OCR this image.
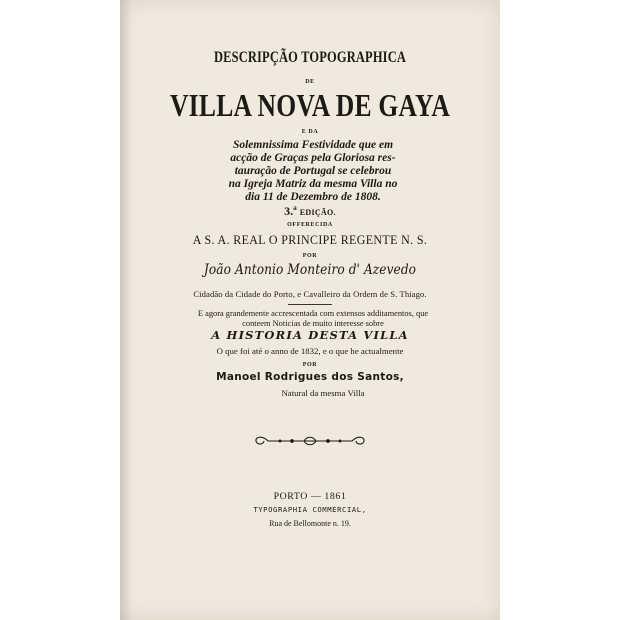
DESCRIPÇÃO TOPOGRAPHICA
DE
VILLA NOVA DE GAYA
E DA
Solemnissima Festividade que em
acção de Graças pela Gloriosa res-
tauração de Portugal se celebrou
na Igreja Matriz da mesma Villa no
dia 11 de Dezembro de 1808.
3.ª EDIÇÃO.
OFFERECIDA
A S. A. REAL O PRINCIPE REGENTE N. S.
POR
João Antonio Monteiro d' Azevedo
Cidadão da Cidade do Porto, e Cavalleiro da Ordem de S. Thiago.
E agora grandemente accrescentada com extensos additamentos, que
conteem Noticias de muito interesse sobre
A HISTORIA DESTA VILLA
O que foi até o anno de 1832, e o que he actualmente
POR
Manoel Rodrigues dos Santos,
Natural da mesma Villa
PORTO — 1861
TYPOGRAPHIA COMMERCIAL,
Rua de Bellomonte n. 19.
